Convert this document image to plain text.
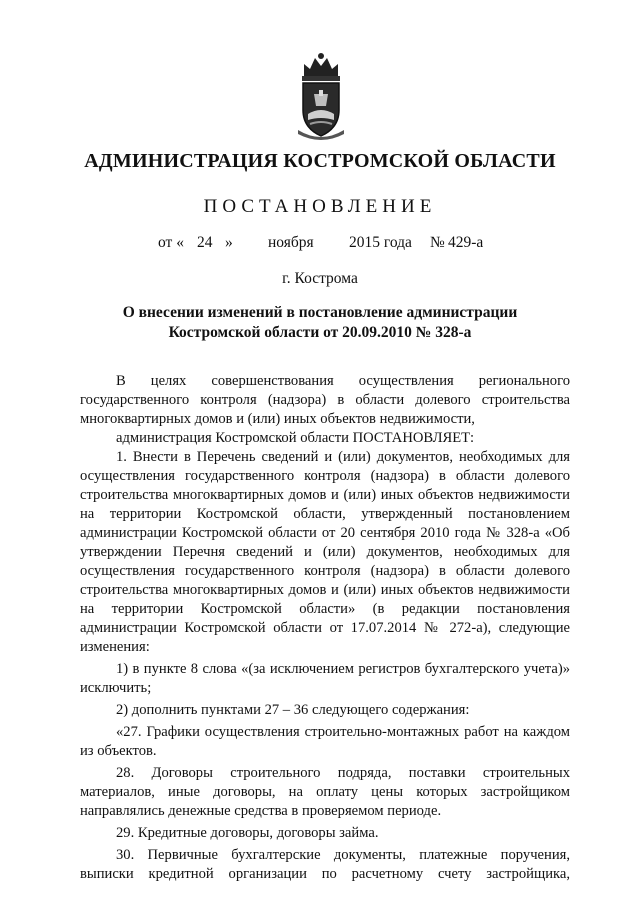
АДМИНИСТРАЦИЯ КОСТРОМСКОЙ ОБЛАСТИ
ПОСТАНОВЛЕНИЕ
от « 24 » ноября 2015 года № 429-а
г. Кострома
О внесении изменений в постановление администрации
Костромской области от 20.09.2010 № 328-а

В целях совершенствования осуществления регионального государственного контроля (надзора) в области долевого строительства многоквартирных домов и (или) иных объектов недвижимости,

администрация Костромской области ПОСТАНОВЛЯЕТ:

1. Внести в Перечень сведений и (или) документов, необходимых для осуществления государственного контроля (надзора) в области долевого строительства многоквартирных домов и (или) иных объектов недвижимости на территории Костромской области, утвержденный постановлением администрации Костромской области от 20 сентября 2010 года № 328-а «Об утверждении Перечня сведений и (или) документов, необходимых для осуществления государственного контроля (надзора) в области долевого строительства многоквартирных домов и (или) иных объектов недвижимости на территории Костромской области» (в редакции постановления администрации Костромской области от 17.07.2014 № 272-а), следующие изменения:

1) в пункте 8 слова «(за исключением регистров бухгалтерского учета)» исключить;

2) дополнить пунктами 27 – 36 следующего содержания:

«27. Графики осуществления строительно-монтажных работ на каждом из объектов.

28. Договоры строительного подряда, поставки строительных материалов, иные договоры, на оплату цены которых застройщиком направлялись денежные средства в проверяемом периоде.

29. Кредитные договоры, договоры займа.

30. Первичные бухгалтерские документы, платежные поручения, выписки кредитной организации по расчетному счету застройщика,
